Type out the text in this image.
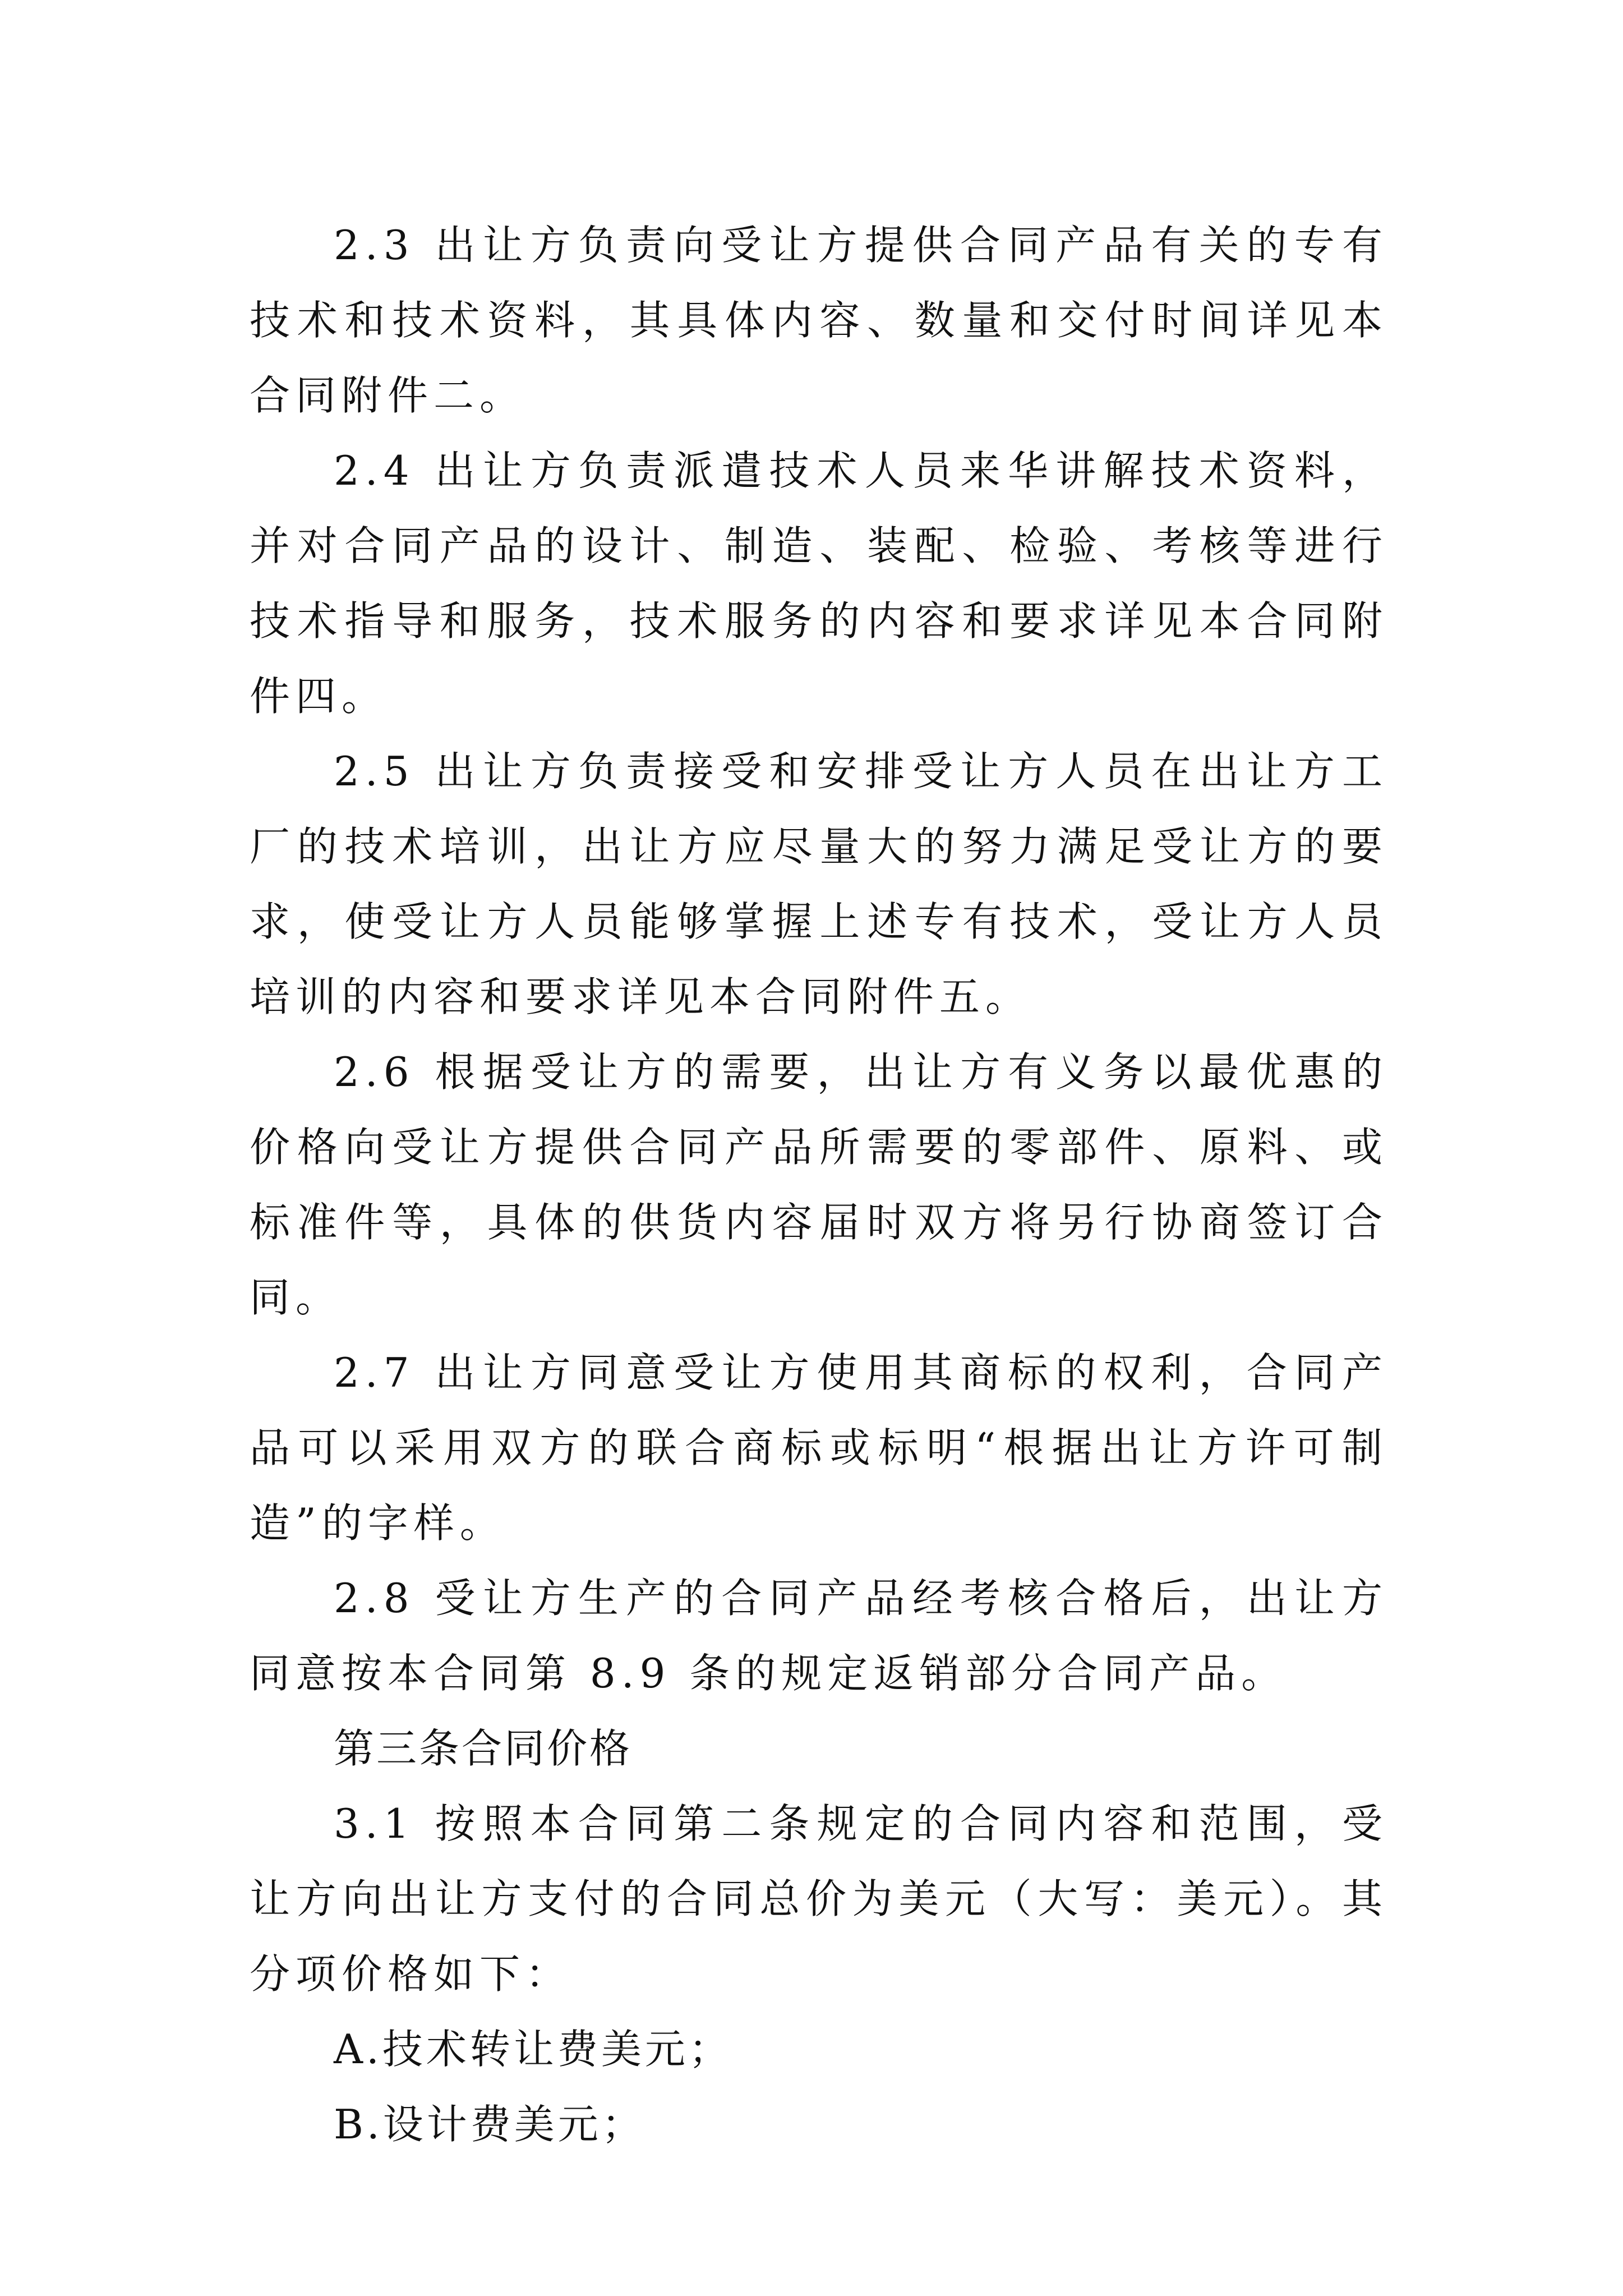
2.3 出让方负责向受让方提供合同产品有关的专有技术和技术资料，其具体内容、数量和交付时间详见本合同附件二。

2.4 出让方负责派遣技术人员来华讲解技术资料，并对合同产品的设计、制造、装配、检验、考核等进行技术指导和服务，技术服务的内容和要求详见本合同附件四。

2.5 出让方负责接受和安排受让方人员在出让方工厂的技术培训，出让方应尽量大的努力满足受让方的要求，使受让方人员能够掌握上述专有技术，受让方人员培训的内容和要求详见本合同附件五。

2.6 根据受让方的需要，出让方有义务以最优惠的价格向受让方提供合同产品所需要的零部件、原料、或标准件等，具体的供货内容届时双方将另行协商签订合同。

2.7 出让方同意受让方使用其商标的权利，合同产品可以采用双方的联合商标或标明“根据出让方许可制造”的字样。

2.8 受让方生产的合同产品经考核合格后，出让方同意按本合同第 8.9 条的规定返销部分合同产品。

第三条合同价格

3.1 按照本合同第二条规定的合同内容和范围，受让方向出让方支付的合同总价为美元（大写：美元）。其分项价格如下：

A.技术转让费美元；

B.设计费美元；
